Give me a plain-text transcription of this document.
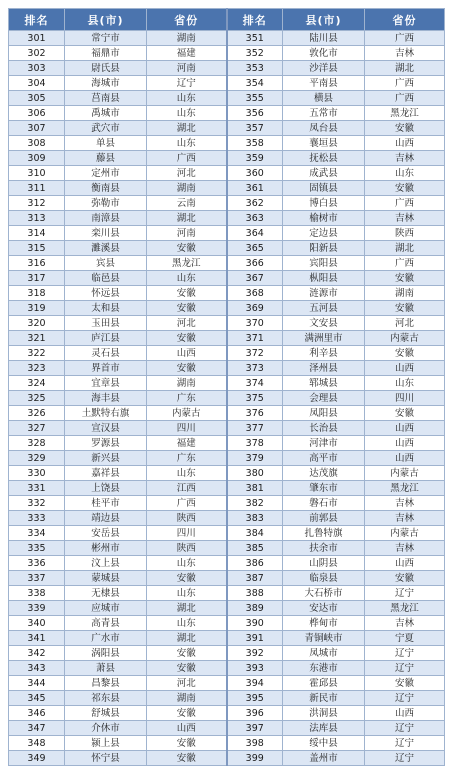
排名	县(市)	省份	排名	县(市)	省份
301	常宁市	湖南	351	陆川县	广西
302	福鼎市	福建	352	敦化市	吉林
303	尉氏县	河南	353	沙洋县	湖北
304	海城市	辽宁	354	平南县	广西
305	莒南县	山东	355	横县	广西
306	禹城市	山东	356	五常市	黑龙江
307	武穴市	湖北	357	凤台县	安徽
308	单县	山东	358	襄垣县	山西
309	藤县	广西	359	抚松县	吉林
310	定州市	河北	360	成武县	山东
311	衡南县	湖南	361	固镇县	安徽
312	弥勒市	云南	362	博白县	广西
313	南漳县	湖北	363	榆树市	吉林
314	栾川县	河南	364	定边县	陕西
315	濉溪县	安徽	365	阳新县	湖北
316	宾县	黑龙江	366	宾阳县	广西
317	临邑县	山东	367	枞阳县	安徽
318	怀远县	安徽	368	涟源市	湖南
319	太和县	安徽	369	五河县	安徽
320	玉田县	河北	370	文安县	河北
321	庐江县	安徽	371	满洲里市	内蒙古
322	灵石县	山西	372	利辛县	安徽
323	界首市	安徽	373	泽州县	山西
324	宜章县	湖南	374	郓城县	山东
325	海丰县	广东	375	会理县	四川
326	土默特右旗	内蒙古	376	凤阳县	安徽
327	宣汉县	四川	377	长治县	山西
328	罗源县	福建	378	河津市	山西
329	新兴县	广东	379	高平市	山西
330	嘉祥县	山东	380	达茂旗	内蒙古
331	上饶县	江西	381	肇东市	黑龙江
332	桂平市	广西	382	磐石市	吉林
333	靖边县	陕西	383	前郭县	吉林
334	安岳县	四川	384	扎鲁特旗	内蒙古
335	彬州市	陕西	385	扶余市	吉林
336	汶上县	山东	386	山阴县	山西
337	蒙城县	安徽	387	临泉县	安徽
338	无棣县	山东	388	大石桥市	辽宁
339	应城市	湖北	389	安达市	黑龙江
340	高青县	山东	390	桦甸市	吉林
341	广水市	湖北	391	青铜峡市	宁夏
342	涡阳县	安徽	392	凤城市	辽宁
343	萧县	安徽	393	东港市	辽宁
344	昌黎县	河北	394	霍邱县	安徽
345	祁东县	湖南	395	新民市	辽宁
346	舒城县	安徽	396	洪洞县	山西
347	介休市	山西	397	法库县	辽宁
348	颍上县	安徽	398	绥中县	辽宁
349	怀宁县	安徽	399	盖州市	辽宁
